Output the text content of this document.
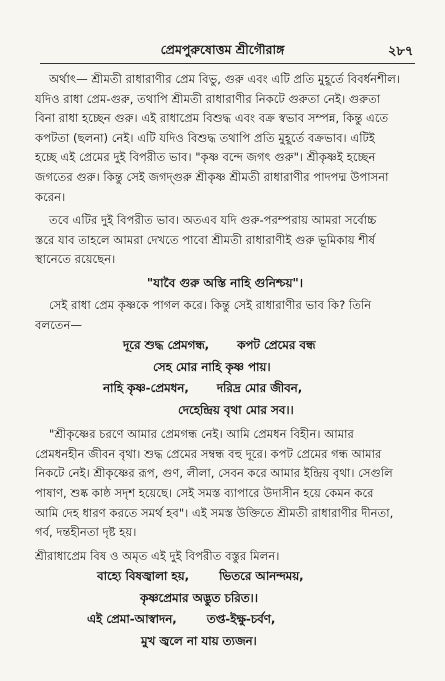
প্রেমপুরুষোত্তম শ্রীগৌরাঙ্গ	২৮৭

অর্থাৎ— শ্রীমতী রাধারাণীর প্রেম বিভু, গুরু এবং এটি প্রতি মুহূর্তে বিবর্ধনশীল।
যদিও রাধা প্রেম-গুরু, তথাপি শ্রীমতী রাধারাণীর নিকটে গুরুতা নেই। গুরুতা
বিনা রাধা হচ্ছেন গুরু। এই রাধাপ্রেম বিশুদ্ধ এবং বক্র স্বভাব সম্পন্ন, কিন্তু এতে
কপটতা (ছলনা) নেই। এটি যদিও বিশুদ্ধ তথাপি প্রতি মুহূর্তে বক্রভাব। এটিই
হচ্ছে এই প্রেমের দুই বিপরীত ভাব। "কৃষ্ণ বন্দে জগৎ গুরু"। শ্রীকৃষ্ণই হচ্ছেন
জগতের গুরু। কিন্তু সেই জগদ্গুরু শ্রীকৃষ্ণ শ্রীমতী রাধারাণীর পাদপদ্ম উপাসনা
করেন।

তবে এটির দুই বিপরীত ভাব। অতএব যদি গুরু-পরম্পরায় আমরা সর্বোচ্চ
স্তরে যাব তাহলে আমরা দেখতে পাবো শ্রীমতী রাধারাণীই গুরু ভূমিকায় শীর্ষ
স্থানেতে রয়েছেন।

"যাবৈ গুরু অস্তি নাহি গুনিশ্চয়"।

সেই রাধা প্রেম কৃষ্ণকে পাগল করে। কিন্তু সেই রাধারাণীর ভাব কি? তিনি
বলতেন—

দূরে শুদ্ধ প্রেমগন্ধ, কপট প্রেমের বন্ধ
সেহ মোর নাহি কৃষ্ণ পায়।
নাহি কৃষ্ণ-প্রেমধন, দরিদ্র মোর জীবন,
দেহেন্দ্রিয় বৃথা মোর সব।।

"শ্রীকৃষ্ণের চরণে আমার প্রেমগন্ধ নেই। আমি প্রেমধন বিহীন। আমার
প্রেমধনহীন জীবন বৃথা। শুদ্ধ প্রেমের সম্বন্ধ বহু দূরে। কপট প্রেমের গন্ধ আমার
নিকটে নেই। শ্রীকৃষ্ণের রূপ, গুণ, লীলা, সেবন করে আমার ইন্দ্রিয় বৃথা। সেগুলি
পাষাণ, শুষ্ক কাষ্ঠ সদৃশ হয়েছে। সেই সমস্ত ব্যাপারে উদাসীন হয়ে কেমন করে
আমি দেহ ধারণ করতে সমর্থ হব"। এই সমস্ত উক্তিতে শ্রীমতী রাধারাণীর দীনতা,
গর্ব, দন্তহীনতা দৃষ্ট হয়।

শ্রীরাধাপ্রেম বিষ ও অমৃত এই দুই বিপরীত বস্তুর মিলন।

বাহ্যে বিষজ্বালা হয়,	ভিতরে আনন্দময়,
কৃষ্ণপ্রেমার অদ্ভুত চরিত।।
এই প্রেমা-আস্বাদন,	তপ্ত-ইক্ষু-চর্বণ,
মুখ জ্বলে না যায় ত্যজন।
